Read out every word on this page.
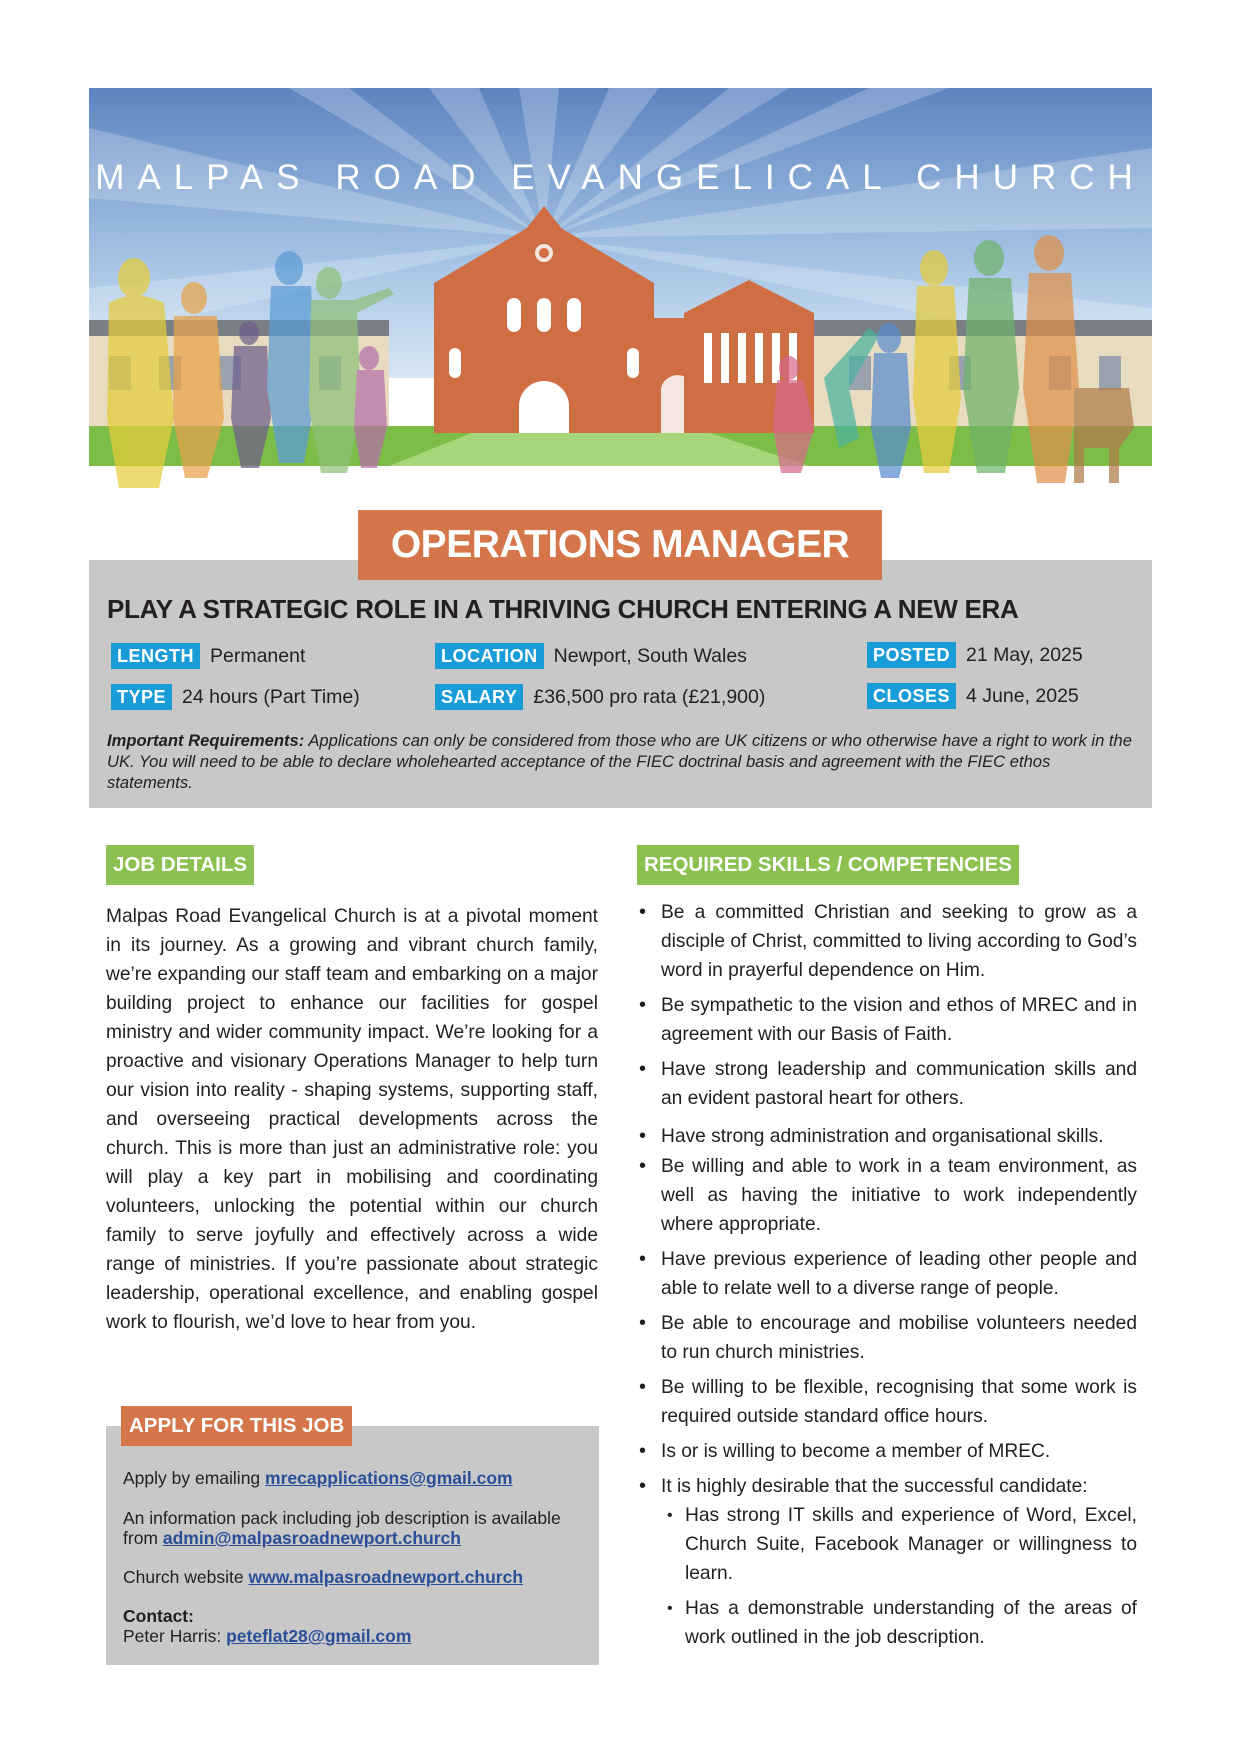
MALPAS ROAD EVANGELICAL CHURCH
PLAY A STRATEGIC ROLE IN A THRIVING CHURCH ENTERING A NEW ERA
LENGTH Permanent
TYPE 24 hours (Part Time)
LOCATION Newport, South Wales
SALARY £36,500 pro rata (£21,900)
POSTED 21 May, 2025
CLOSES 4 June, 2025
Important Requirements: Applications can only be considered from those who are UK citizens or who otherwise have a right to work in the UK. You will need to be able to declare wholehearted acceptance of the FIEC doctrinal basis and agreement with the FIEC ethos statements.
OPERATIONS MANAGER
JOB DETAILS
Malpas Road Evangelical Church is at a pivotal moment in its journey. As a growing and vibrant church family, we’re expanding our staff team and embarking on a major building project to enhance our facilities for gospel ministry and wider community impact. We’re looking for a proactive and visionary Operations Manager to help turn our vision into reality - shaping systems, supporting staff, and overseeing practical developments across the church. This is more than just an administrative role: you will play a key part in mobilising and coordinating volunteers, unlocking the potential within our church family to serve joyfully and effectively across a wide range of ministries. If you’re passionate about strategic leadership, operational excellence, and enabling gospel work to flourish, we’d love to hear from you.
APPLY FOR THIS JOB
Apply by emailing mrecapplications@gmail.com
An information pack including job description is available from admin@malpasroadnewport.church
Church website www.malpasroadnewport.church
Contact:
Peter Harris: peteflat28@gmail.com
REQUIRED SKILLS / COMPETENCIES
• Be a committed Christian and seeking to grow as a disciple of Christ, committed to living according to God’s word in prayerful dependence on Him.
• Be sympathetic to the vision and ethos of MREC and in agreement with our Basis of Faith.
• Have strong leadership and communication skills and an evident pastoral heart for others.
• Have strong administration and organisational skills.
• Be willing and able to work in a team environment, as well as having the initiative to work independently where appropriate.
• Have previous experience of leading other people and able to relate well to a diverse range of people.
• Be able to encourage and mobilise volunteers needed to run church ministries.
• Be willing to be flexible, recognising that some work is required outside standard office hours.
• Is or is willing to become a member of MREC.
• It is highly desirable that the successful candidate:
• Has strong IT skills and experience of Word, Excel, Church Suite, Facebook Manager or willingness to learn.
• Has a demonstrable understanding of the areas of work outlined in the job description.
